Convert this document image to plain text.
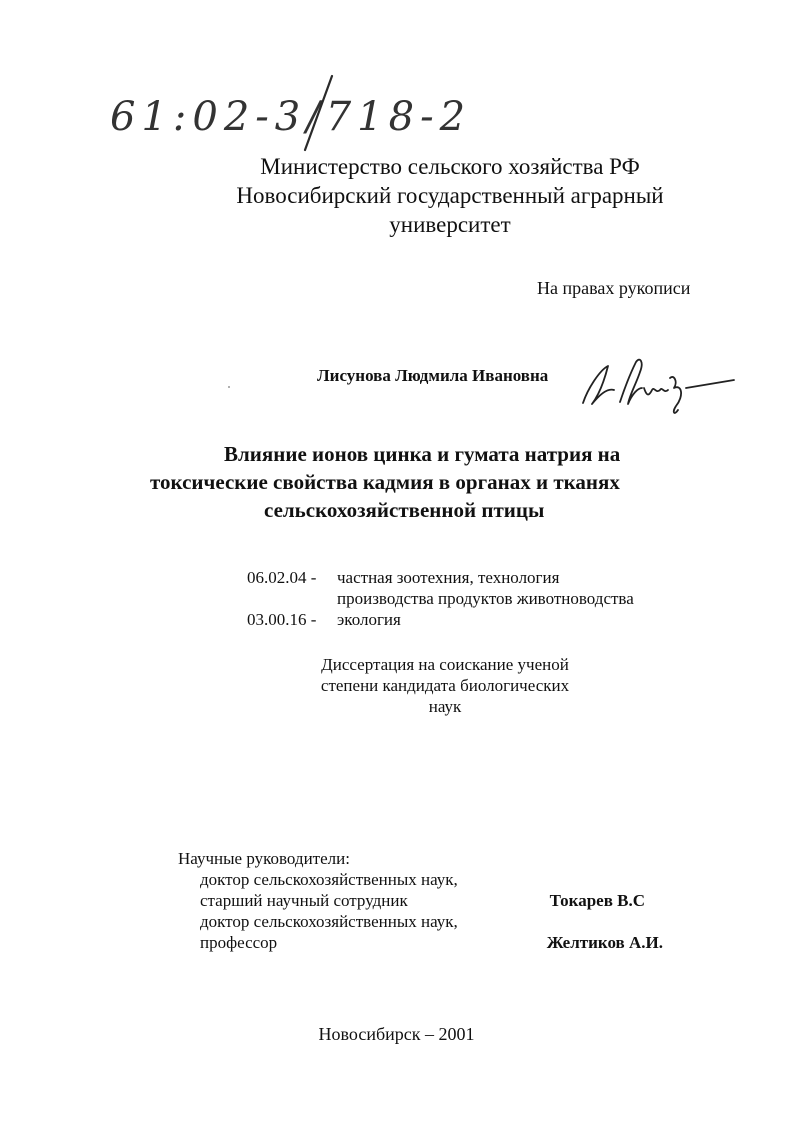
61:02-3/718-2
Министерство сельского хозяйства РФ
Новосибирский государственный аграрный
университет
На правах рукописи
Лисунова Людмила Ивановна
Влияние ионов цинка и гумата натрия на
токсические свойства кадмия в органах и тканях
сельскохозяйственной птицы
06.02.04 -	частная зоотехния, технология
производства продуктов животноводства
03.00.16 -	экология
Диссертация на соискание ученой
степени кандидата биологических
наук
Научные руководители:
доктор сельскохозяйственных наук,
старший научный сотрудник	Токарев В.С
доктор сельскохозяйственных наук,
профессор	Желтиков А.И.
Новосибирск – 2001
